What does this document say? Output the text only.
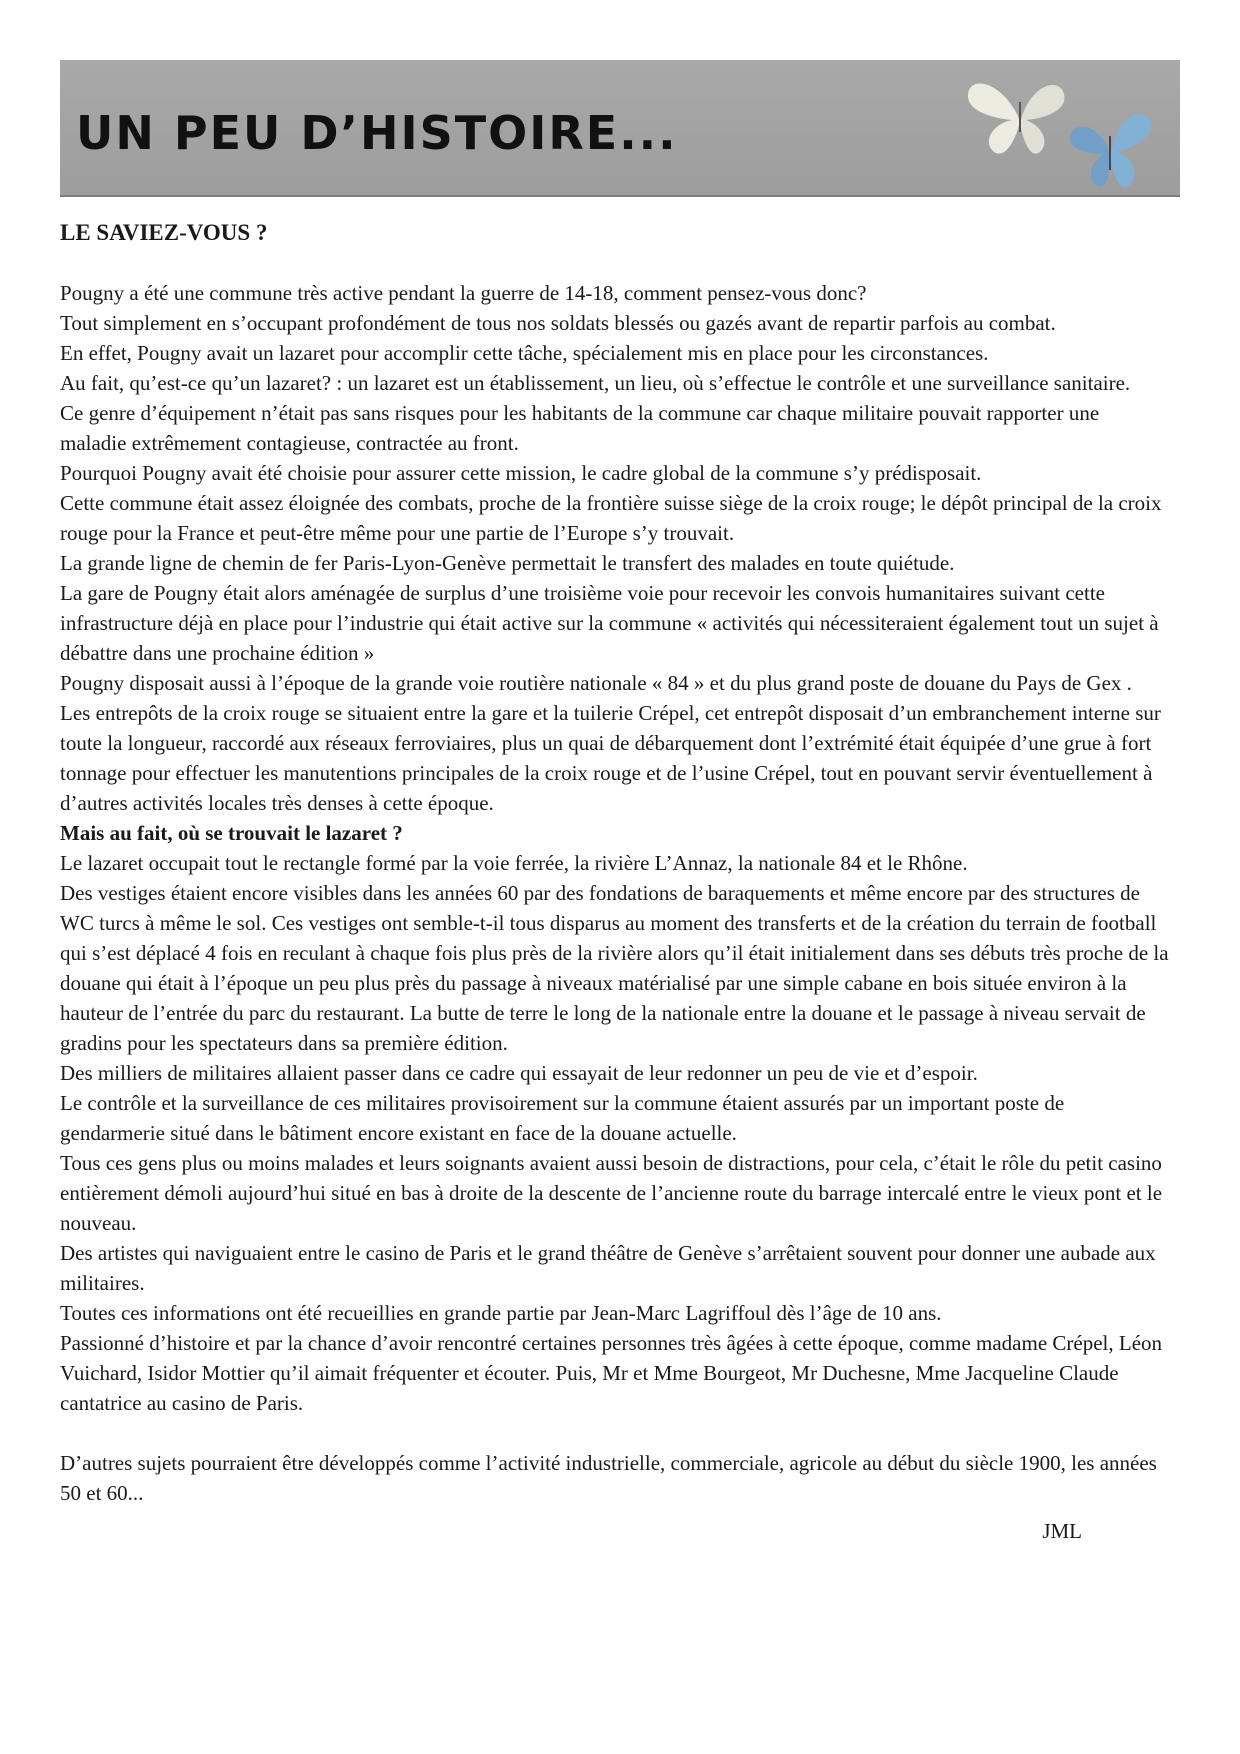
UN PEU D’HISTOIRE...

LE SAVIEZ-VOUS ?

Pougny a été une commune très active pendant la guerre de 14-18, comment pensez-vous donc?

Tout simplement en s’occupant profondément de tous nos soldats blessés ou gazés avant de repartir parfois au combat.

En effet, Pougny avait un lazaret pour accomplir cette tâche, spécialement mis en place pour les circonstances.

Au fait, qu’est-ce qu’un lazaret? : un lazaret est un établissement, un lieu, où s’effectue le contrôle et une surveillance sanitaire.

Ce genre d’équipement n’était pas sans risques pour les habitants de la commune car chaque militaire pouvait rapporter une maladie extrêmement contagieuse, contractée au front.

Pourquoi Pougny avait été choisie pour assurer cette mission, le cadre global de la commune s’y prédisposait.

Cette commune était assez éloignée des combats, proche de la frontière suisse siège de la croix rouge; le dépôt principal de la croix rouge pour la France et peut-être même pour une partie de l’Europe s’y trouvait.

La grande ligne de chemin de fer Paris-Lyon-Genève permettait le transfert des malades en toute quiétude.

La gare de Pougny était alors aménagée de surplus d’une troisième voie pour recevoir les convois humanitaires suivant cette infrastructure déjà en place pour l’industrie qui était active sur la commune « activités qui nécessiteraient également tout un sujet à débattre dans une prochaine édition »

Pougny disposait aussi à l’époque de la grande voie routière nationale « 84 » et du plus grand poste de douane du Pays de Gex .

Les entrepôts de la croix rouge se situaient entre la gare et la tuilerie Crépel, cet entrepôt disposait d’un embranchement interne sur toute la longueur, raccordé aux réseaux ferroviaires, plus un quai de débarquement dont l’extrémité était équipée d’une grue à fort tonnage pour effectuer les manutentions principales de la croix rouge et de l’usine Crépel, tout en pouvant servir éventuellement à d’autres activités locales très denses à cette époque.

Mais au fait, où se trouvait le lazaret ?

Le lazaret occupait tout le rectangle formé par la voie ferrée, la rivière L’Annaz, la nationale 84 et le Rhône.

Des vestiges étaient encore visibles dans les années 60 par des fondations de baraquements et même encore par des structures de WC turcs à même le sol. Ces vestiges ont semble-t-il tous disparus au moment des transferts et de la création du terrain de football qui s’est déplacé 4 fois en reculant à chaque fois plus près de la rivière alors qu’il était initialement dans ses débuts très proche de la douane qui était à l’époque un peu plus près du passage à niveaux matérialisé par une simple cabane en bois située environ à la hauteur de l’entrée du parc du restaurant. La butte de terre le long de la nationale entre la douane et le passage à niveau servait de gradins pour les spectateurs dans sa première édition.

Des milliers de militaires allaient passer dans ce cadre qui essayait de leur redonner un peu de vie et d’espoir.

Le contrôle et la surveillance de ces militaires provisoirement sur la commune étaient assurés par un important poste de gendarmerie situé dans le bâtiment encore existant en face de la douane actuelle.

Tous ces gens plus ou moins malades et leurs soignants avaient aussi besoin de distractions, pour cela, c’était le rôle du petit casino entièrement démoli aujourd’hui situé en bas à droite de la descente de l’ancienne route du barrage intercalé entre le vieux pont et le nouveau.

Des artistes qui naviguaient entre le casino de Paris et le grand théâtre de Genève s’arrêtaient souvent pour donner une aubade aux militaires.

Toutes ces informations ont été recueillies en grande partie par Jean-Marc Lagriffoul dès l’âge de 10 ans.

Passionné d’histoire et par la chance d’avoir rencontré certaines personnes très âgées à cette époque, comme madame Crépel, Léon Vuichard, Isidor Mottier qu’il aimait fréquenter et écouter. Puis, Mr et Mme Bourgeot, Mr Duchesne, Mme Jacqueline Claude cantatrice au casino de Paris.

D’autres sujets pourraient être développés comme l’activité industrielle, commerciale, agricole au début du siècle 1900, les années 50 et 60...

JML
